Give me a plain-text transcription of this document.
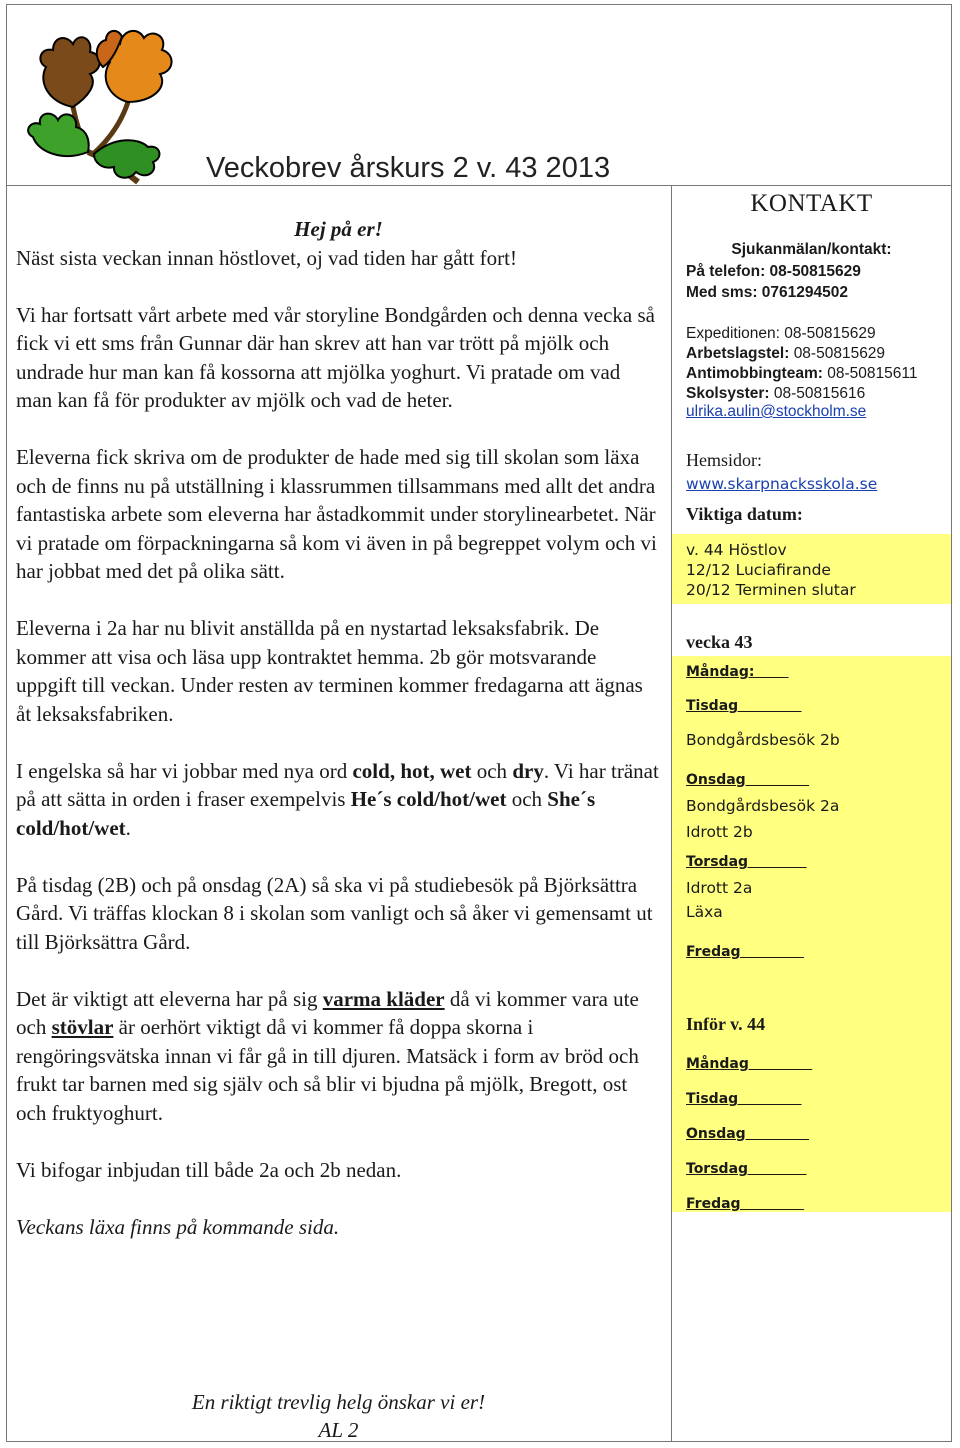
Veckobrev årskurs 2 v. 43 2013
Hej på er!

Näst sista veckan innan höstlovet, oj vad tiden har gått fort!

Vi har fortsatt vårt arbete med vår storyline Bondgården och denna vecka så fick vi ett sms från Gunnar där han skrev att han var trött på mjölk och undrade hur man kan få kossorna att mjölka yoghurt. Vi pratade om vad man kan få för produkter av mjölk och vad de heter.

Eleverna fick skriva om de produkter de hade med sig till skolan som läxa och de finns nu på utställning i klassrummen tillsammans med allt det andra fantastiska arbete som eleverna har åstadkommit under storylinearbetet. När vi pratade om förpackningarna så kom vi även in på begreppet volym och vi har jobbat med det på olika sätt.

Eleverna i 2a har nu blivit anställda på en nystartad leksaksfabrik. De kommer att visa och läsa upp kontraktet hemma. 2b gör motsvarande uppgift till veckan. Under resten av terminen kommer fredagarna att ägnas åt leksaksfabriken.

I engelska så har vi jobbar med nya ord cold, hot, wet och dry. Vi har tränat på att sätta in orden i fraser exempelvis He´s cold/hot/wet och She´s cold/hot/wet.

På tisdag (2B) och på onsdag (2A) så ska vi på studiebesök på Björksättra Gård. Vi träffas klockan 8 i skolan som vanligt och så åker vi gemensamt ut till Björksättra Gård.

Det är viktigt att eleverna har på sig varma kläder då vi kommer vara ute och stövlar är oerhört viktigt då vi kommer få doppa skorna i rengöringsvätska innan vi får gå in till djuren. Matsäck i form av bröd och frukt tar barnen med sig själv och så blir vi bjudna på mjölk, Bregott, ost och fruktyoghurt.

Vi bifogar inbjudan till både 2a och 2b nedan.

Veckans läxa finns på kommande sida.

En riktigt trevlig helg önskar vi er!
AL 2
KONTAKT
Sjukanmälan/kontakt:
På telefon: 08-50815629
Med sms: 0761294502
Expeditionen: 08-50815629
Arbetslagstel: 08-50815629
Antimobbingteam: 08-50815611
Skolsyster: 08-50815616
ulrika.aulin@stockholm.se
Hemsidor:
www.skarpnacksskola.se
Viktiga datum:
v. 44 Höstlov
12/12 Luciafirande
20/12 Terminen slutar
vecka 43
Måndag:
Tisdag
Bondgårdsbesök 2b
Onsdag
Bondgårdsbesök 2a
Idrott 2b
Torsdag
Idrott 2a
Läxa
Fredag
Inför v. 44
Måndag
Tisdag
Onsdag
Torsdag
Fredag
